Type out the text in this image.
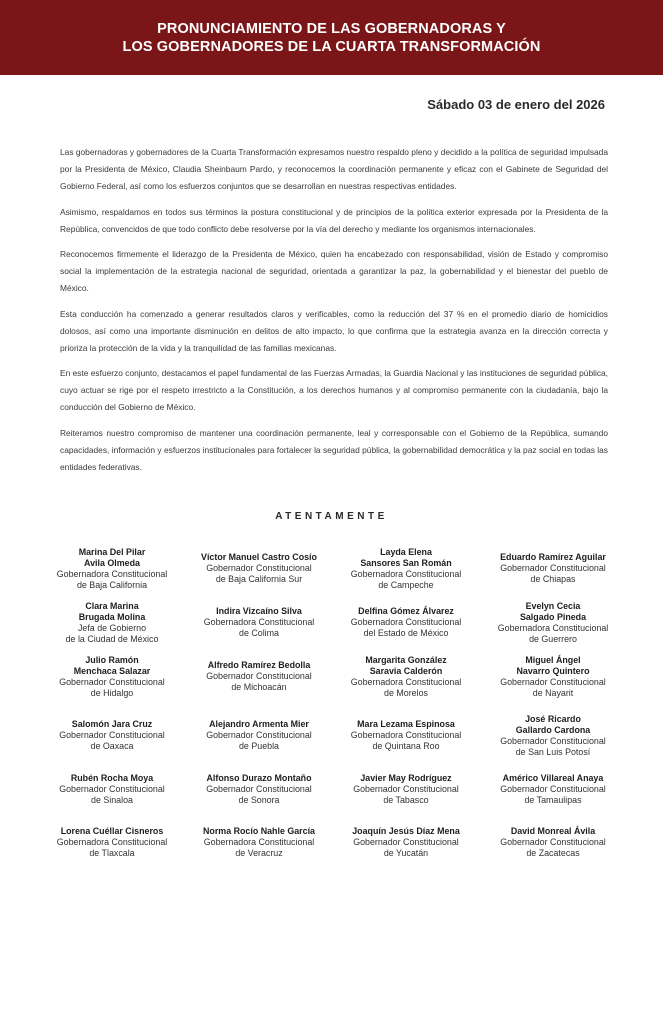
PRONUNCIAMIENTO DE LAS GOBERNADORAS Y
LOS GOBERNADORES DE LA CUARTA TRANSFORMACIÓN
Sábado 03 de enero del 2026

Las gobernadoras y gobernadores de la Cuarta Transformación expresamos nuestro respaldo pleno y decidido a la política de seguridad impulsada por la Presidenta de México, Claudia Sheinbaum Pardo, y reconocemos la coordinación permanente y eficaz con el Gabinete de Seguridad del Gobierno Federal, así como los esfuerzos conjuntos que se desarrollan en nuestras respectivas entidades.

Asimismo, respaldamos en todos sus términos la postura constitucional y de principios de la política exterior expresada por la Presidenta de la República, convencidos de que todo conflicto debe resolverse por la vía del derecho y mediante los organismos internacionales.

Reconocemos firmemente el liderazgo de la Presidenta de México, quien ha encabezado con responsabilidad, visión de Estado y compromiso social la implementación de la estrategia nacional de seguridad, orientada a garantizar la paz, la gobernabilidad y el bienestar del pueblo de México.

Esta conducción ha comenzado a generar resultados claros y verificables, como la reducción del 37 % en el promedio diario de homicidios dolosos, así como una importante disminución en delitos de alto impacto, lo que confirma que la estrategia avanza en la dirección correcta y prioriza la protección de la vida y la tranquilidad de las familias mexicanas.

En este esfuerzo conjunto, destacamos el papel fundamental de las Fuerzas Armadas, la Guardia Nacional y las instituciones de seguridad pública, cuyo actuar se rige por el respeto irrestricto a la Constitución, a los derechos humanos y al compromiso permanente con la ciudadanía, bajo la conducción del Gobierno de México.

Reiteramos nuestro compromiso de mantener una coordinación permanente, leal y corresponsable con el Gobierno de la República, sumando capacidades, información y esfuerzos institucionales para fortalecer la seguridad pública, la gobernabilidad democrática y la paz social en todas las entidades federativas.

ATENTAMENTE
Marina Del Pilar
Avila Olmeda
Gobernadora Constitucional
de Baja California
Víctor Manuel Castro Cosío
Gobernador Constitucional
de Baja California Sur
Layda Elena
Sansores San Román
Gobernadora Constitucional
de Campeche
Eduardo Ramírez Aguilar
Gobernador Constitucional
de Chiapas
Clara Marina
Brugada Molina
Jefa de Gobierno
de la Ciudad de México
Indira Vizcaíno Silva
Gobernadora Constitucional
de Colima
Delfina Gómez Álvarez
Gobernadora Constitucional
del Estado de México
Evelyn Cecia
Salgado Pineda
Gobernadora Constitucional
de Guerrero
Julio Ramón
Menchaca Salazar
Gobernador Constitucional
de Hidalgo
Alfredo Ramírez Bedolla
Gobernador Constitucional
de Michoacán
Margarita González
Saravia Calderón
Gobernadora Constitucional
de Morelos
Miguel Ángel
Navarro Quintero
Gobernador Constitucional
de Nayarit
Salomón Jara Cruz
Gobernador Constitucional
de Oaxaca
Alejandro Armenta Mier
Gobernador Constitucional
de Puebla
Mara Lezama Espinosa
Gobernadora Constitucional
de Quintana Roo
José Ricardo
Gallardo Cardona
Gobernador Constitucional
de San Luis Potosí
Rubén Rocha Moya
Gobernador Constitucional
de Sinaloa
Alfonso Durazo Montaño
Gobernador Constitucional
de Sonora
Javier May Rodríguez
Gobernador Constitucional
de Tabasco
Américo Villareal Anaya
Gobernador Constitucional
de Tamaulipas
Lorena Cuéllar Cisneros
Gobernadora Constitucional
de Tlaxcala
Norma Rocío Nahle García
Gobernadora Constitucional
de Veracruz
Joaquín Jesús Díaz Mena
Gobernador Constitucional
de Yucatán
David Monreal Ávila
Gobernador Constitucional
de Zacatecas
